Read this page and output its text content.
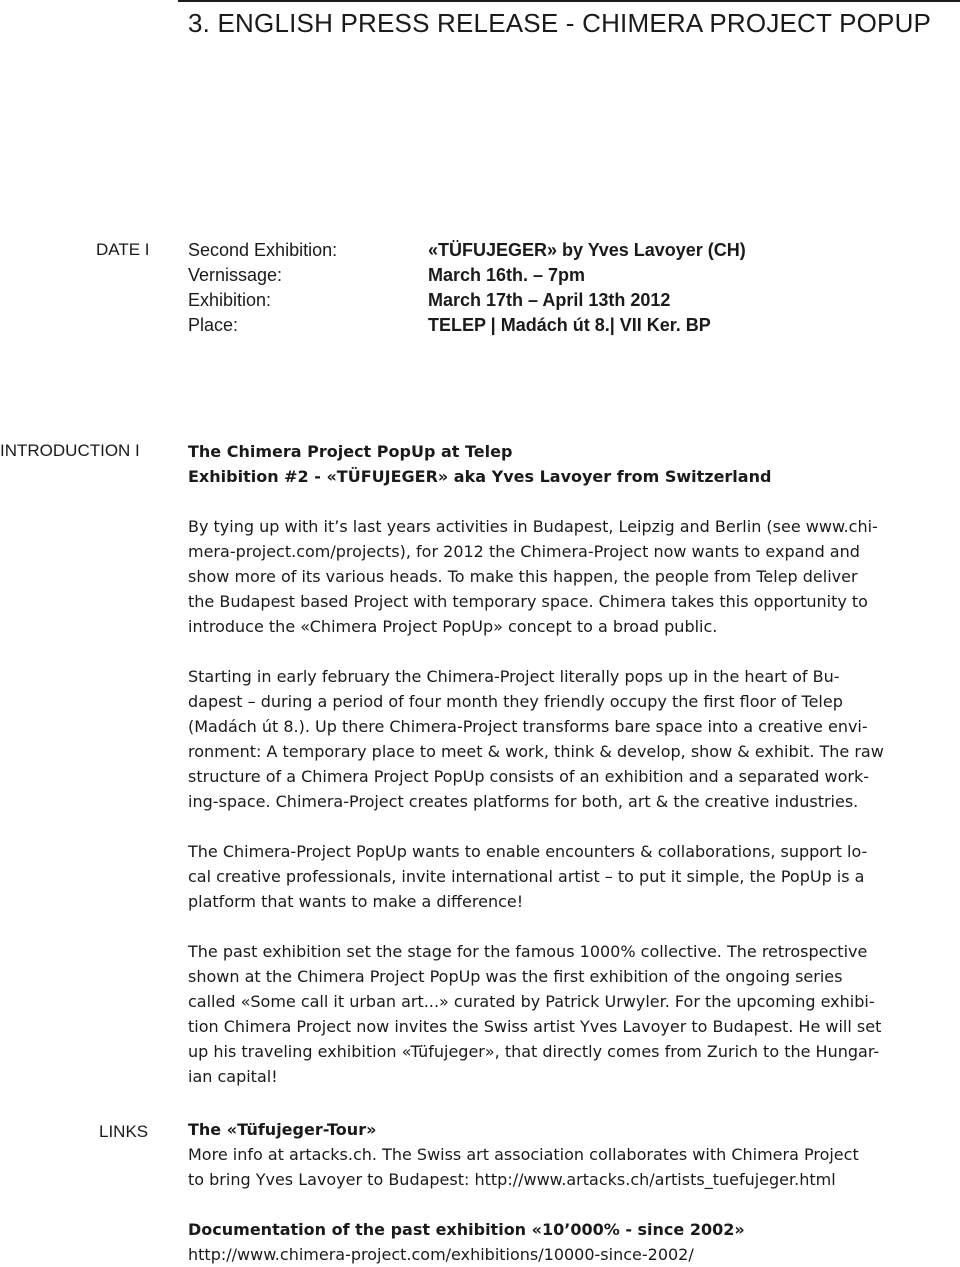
3. ENGLISH PRESS RELEASE - CHIMERA PROJECT POPUP
DATE I Second Exhibition:	«TÜFUJEGER» by Yves Lavoyer (CH)
Vernissage:	March 16th. – 7pm
Exhibition:	March 17th – April 13th 2012
Place:	TELEP | Madách út 8.| VII Ker. BP
INTRODUCTION I	The Chimera Project PopUp at Telep
Exhibition #2 - «TÜFUJEGER» aka Yves Lavoyer from Switzerland
By tying up with it’s last years activities in Budapest, Leipzig and Berlin (see www.chi-
mera-project.com/projects), for 2012 the Chimera-Project now wants to expand and
show more of its various heads. To make this happen, the people from Telep deliver
the Budapest based Project with temporary space. Chimera takes this opportunity to
introduce the «Chimera Project PopUp» concept to a broad public.
Starting in early february the Chimera-Project literally pops up in the heart of Bu-
dapest – during a period of four month they friendly occupy the first floor of Telep
(Madách út 8.). Up there Chimera-Project transforms bare space into a creative envi-
ronment: A temporary place to meet & work, think & develop, show & exhibit. The raw
structure of a Chimera Project PopUp consists of an exhibition and a separated work-
ing-space. Chimera-Project creates platforms for both, art & the creative industries.
The Chimera-Project PopUp wants to enable encounters & collaborations, support lo-
cal creative professionals, invite international artist – to put it simple, the PopUp is a
platform that wants to make a difference!
The past exhibition set the stage for the famous 1000% collective. The retrospective
shown at the Chimera Project PopUp was the first exhibition of the ongoing series
called «Some call it urban art...» curated by Patrick Urwyler. For the upcoming exhibi-
tion Chimera Project now invites the Swiss artist Yves Lavoyer to Budapest. He will set
up his traveling exhibition «Tüfujeger», that directly comes from Zurich to the Hungar-
ian capital!
LINKS The «Tüfujeger-Tour»
More info at artacks.ch. The Swiss art association collaborates with Chimera Project
to bring Yves Lavoyer to Budapest: http://www.artacks.ch/artists_tuefujeger.html
Documentation of the past exhibition «10’000% - since 2002»
http://www.chimera-project.com/exhibitions/10000-since-2002/
